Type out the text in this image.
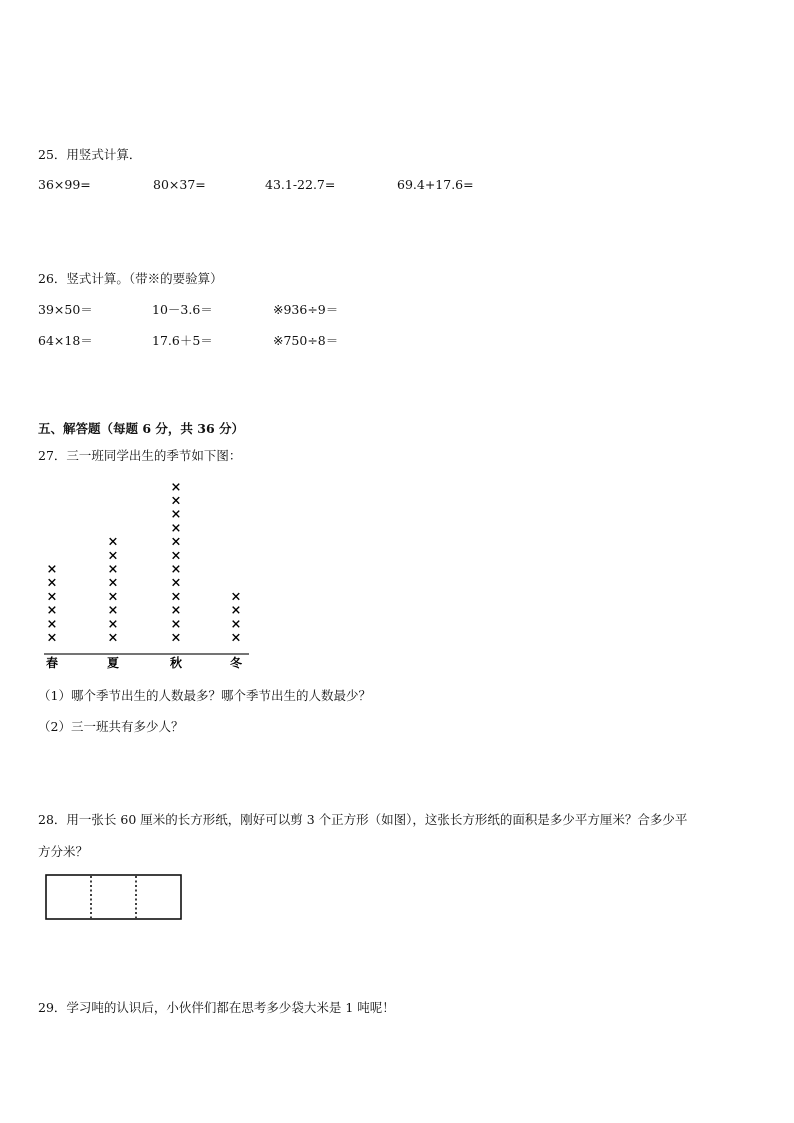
25．用竖式计算．
36×99=	80×37=	43.1-22.7=	69.4+17.6=
26．竖式计算。（带※的要验算）
39×50＝	10－3.6＝	※936÷9＝
64×18＝	17.6＋5＝	※750÷8＝
五、解答题（每题 6 分，共 36 分）
27．三一班同学出生的季节如下图：
×
×
×
×
×
×
×
×
×
×
×
×
×
×
×
×
×
×
×
×
×
×
×
×
×
×
×
×
×
×
春	夏	秋	冬
（1）哪个季节出生的人数最多？哪个季节出生的人数最少？
（2）三一班共有多少人？
28．用一张长 60 厘米的长方形纸，刚好可以剪 3 个正方形（如图），这张长方形纸的面积是多少平方厘米？合多少平
方分米？
29．学习吨的认识后，小伙伴们都在思考多少袋大米是 1 吨呢！
